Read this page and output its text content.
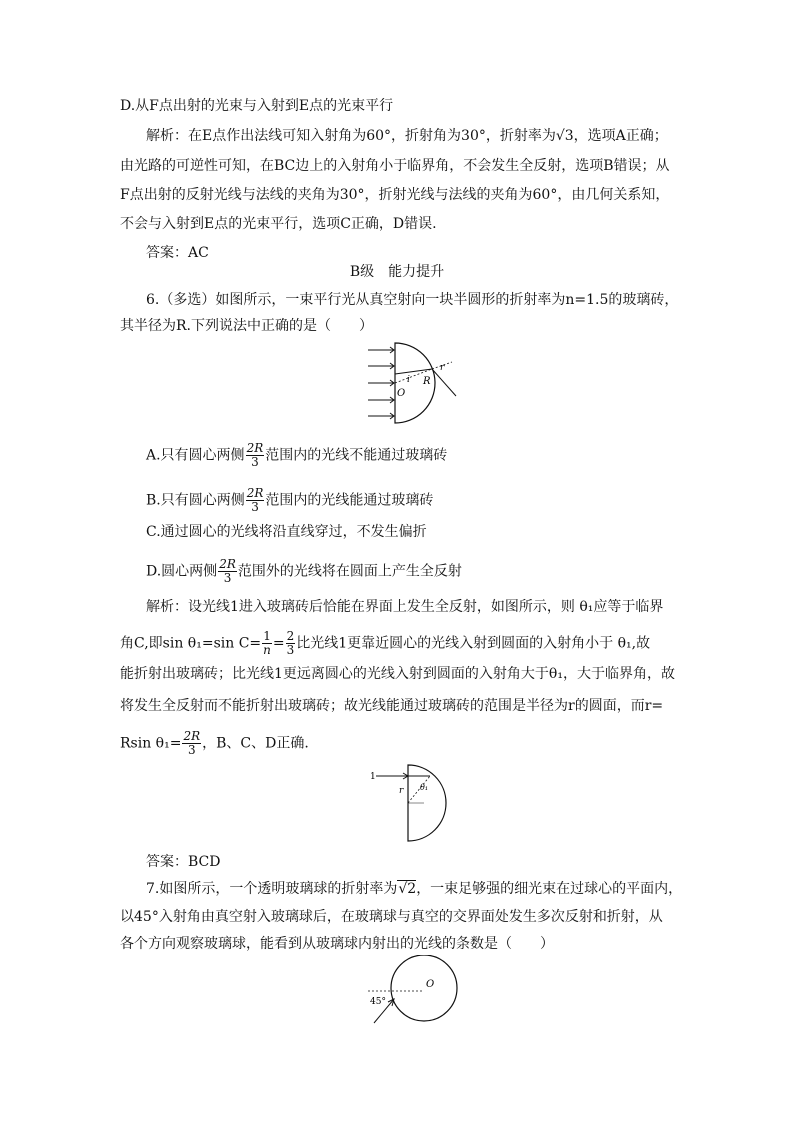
D.从F点出射的光束与入射到E点的光束平行
解析：在E点作出法线可知入射角为60°，折射角为30°，折射率为√3，选项A正确；
由光路的可逆性可知，在BC边上的入射角小于临界角，不会发生全反射，选项B错误；从
F点出射的反射光线与法线的夹角为30°，折射光线与法线的夹角为60°，由几何关系知，
不会与入射到E点的光束平行，选项C正确，D错误.
答案：AC
B级　能力提升
6.（多选）如图所示，一束平行光从真空射向一块半圆形的折射率为n=1.5的玻璃砖，
其半径为R.下列说法中正确的是（　　）
O
i R
r
A.只有圆心两侧 $\frac{2R}{3}$ 范围内的光线不能通过玻璃砖
B.只有圆心两侧 $\frac{2R}{3}$ 范围内的光线能通过玻璃砖
C.通过圆心的光线将沿直线穿过，不发生偏折
D.圆心两侧 $\frac{2R}{3}$ 范围外的光线将在圆面上产生全反射
解析：设光线1进入玻璃砖后恰能在界面上发生全反射，如图所示，则 θ₁应等于临界
角C,即sin θ₁=sin $C= \frac{1}{n} = \frac{2}{3}$ 比光线1更靠近圆心的光线入射到圆面的入射角小于 θ₁,故
能折射出玻璃砖；比光线1更远离圆心的光线入射到圆面的入射角大于θ₁，大于临界角，故
将发生全反射而不能折射出玻璃砖；故光线能通过玻璃砖的范围是半径为r的圆面，而r=
Rsin $\theta_1= \frac{2R}{3}$ ，B、C、D正确.
1
r θ₁
答案：BCD
7.如图所示，一个透明玻璃球的折射率为√2，一束足够强的细光束在过球心的平面内，
以45°入射角由真空射入玻璃球后，在玻璃球与真空的交界面处发生多次反射和折射，从
各个方向观察玻璃球，能看到从玻璃球内射出的光线的条数是（　　）
O
45°
